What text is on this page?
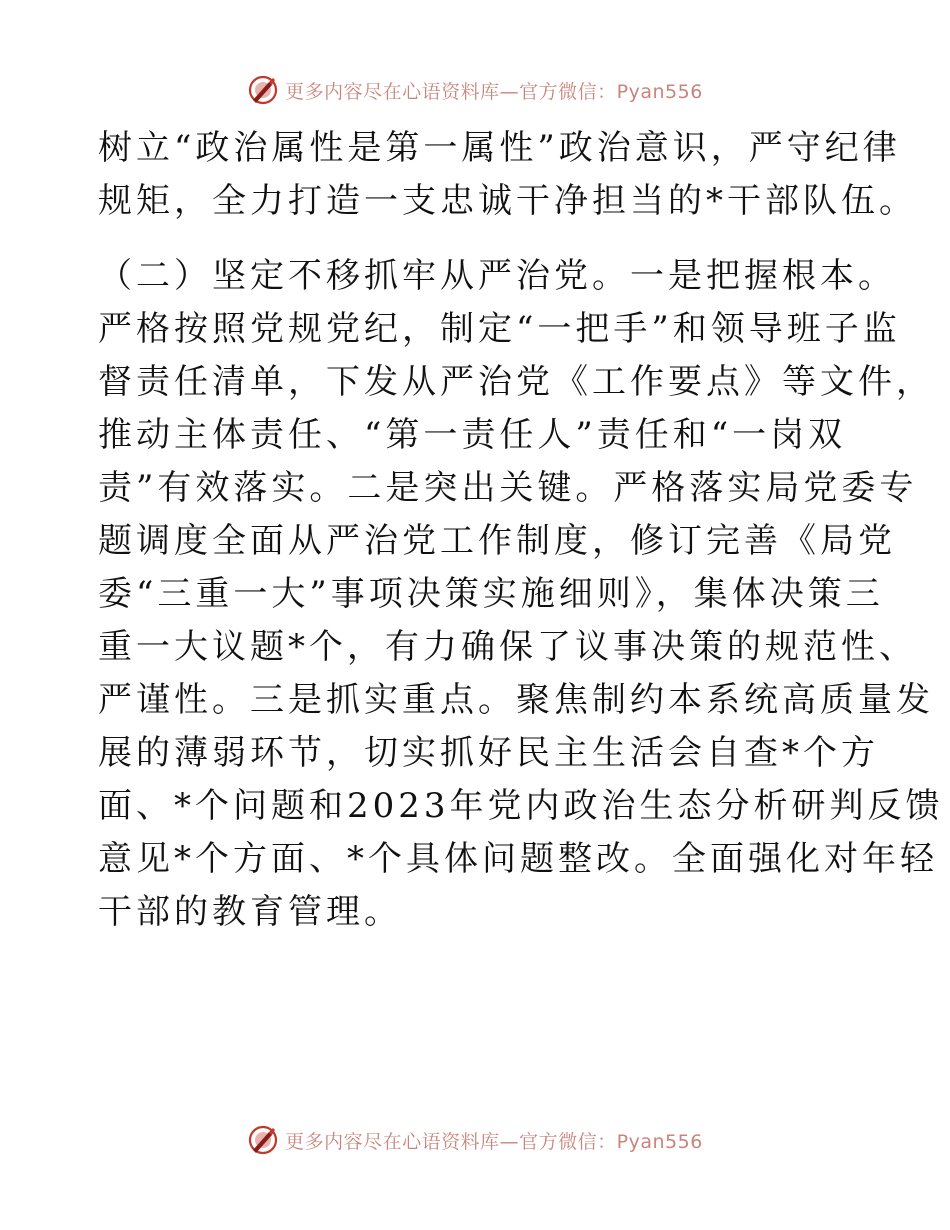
更多内容尽在心语资料库—官方微信：Pyan556
树立“政治属性是第一属性”政治意识，严守纪律
规矩，全力打造一支忠诚干净担当的*干部队伍。
（二）坚定不移抓牢从严治党。一是把握根本。
严格按照党规党纪，制定“一把手”和领导班子监
督责任清单，下发从严治党《工作要点》等文件，
推动主体责任、“第一责任人”责任和“一岗双
责”有效落实。二是突出关键。严格落实局党委专
题调度全面从严治党工作制度，修订完善《局党
委“三重一大”事项决策实施细则》，集体决策三
重一大议题*个，有力确保了议事决策的规范性、
严谨性。三是抓实重点。聚焦制约本系统高质量发
展的薄弱环节，切实抓好民主生活会自查*个方
面、*个问题和2023年党内政治生态分析研判反馈
意见*个方面、*个具体问题整改。全面强化对年轻
干部的教育管理。
更多内容尽在心语资料库—官方微信：Pyan556
